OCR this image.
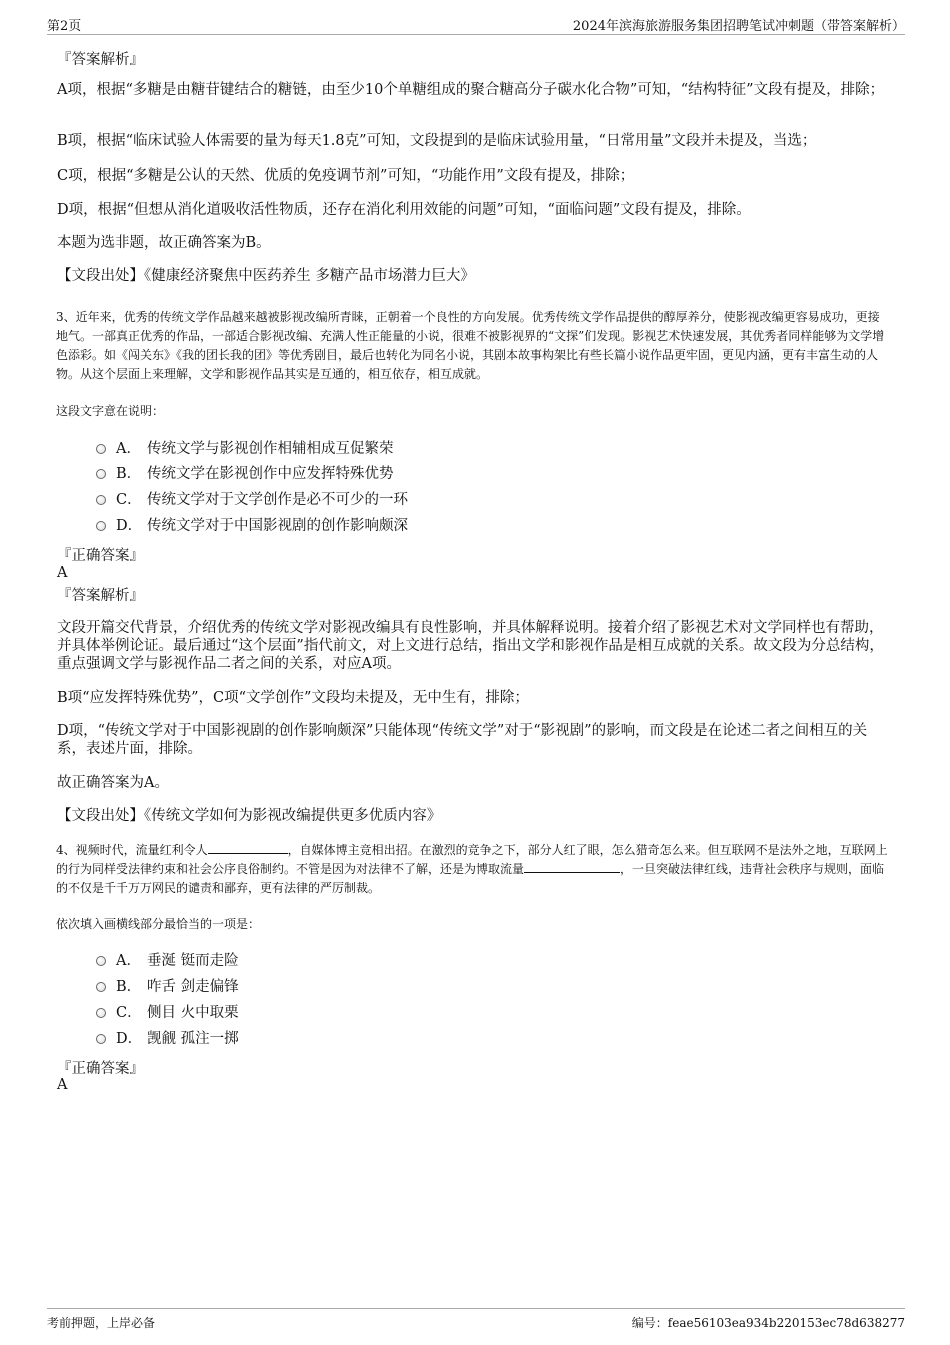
第2页	2024年滨海旅游服务集团招聘笔试冲刺题（带答案解析）
『答案解析』
A项，根据“多糖是由糖苷键结合的糖链，由至少10个单糖组成的聚合糖高分子碳水化合物”可知，“结构特征”文段有提及，排除；
B项，根据“临床试验人体需要的量为每天1.8克”可知，文段提到的是临床试验用量，“日常用量”文段并未提及，当选；
C项，根据“多糖是公认的天然、优质的免疫调节剂”可知，“功能作用”文段有提及，排除；
D项，根据“但想从消化道吸收活性物质，还存在消化利用效能的问题”可知，“面临问题”文段有提及，排除。
本题为选非题，故正确答案为B。
【文段出处】《健康经济聚焦中医药养生 多糖产品市场潜力巨大》
3、近年来，优秀的传统文学作品越来越被影视改编所青睐，正朝着一个良性的方向发展。优秀传统文学作品提供的醇厚养分，使影视改编更容易成功，更接地气。一部真正优秀的作品，一部适合影视改编、充满人性正能量的小说，很难不被影视界的“文探”们发现。影视艺术快速发展，其优秀者同样能够为文学增色添彩。如《闯关东》《我的团长我的团》等优秀剧目，最后也转化为同名小说，其剧本故事构架比有些长篇小说作品更牢固，更见内涵，更有丰富生动的人物。从这个层面上来理解，文学和影视作品其实是互通的，相互依存，相互成就。
这段文字意在说明：
A． 传统文学与影视创作相辅相成互促繁荣
B． 传统文学在影视创作中应发挥特殊优势
C． 传统文学对于文学创作是必不可少的一环
D． 传统文学对于中国影视剧的创作影响颇深
『正确答案』
A
『答案解析』
文段开篇交代背景，介绍优秀的传统文学对影视改编具有良性影响，并具体解释说明。接着介绍了影视艺术对文学同样也有帮助，并具体举例论证。最后通过“这个层面”指代前文，对上文进行总结，指出文学和影视作品是相互成就的关系。故文段为分总结构，重点强调文学与影视作品二者之间的关系，对应A项。
B项“应发挥特殊优势”，C项“文学创作”文段均未提及，无中生有，排除；
D项，“传统文学对于中国影视剧的创作影响颇深”只能体现“传统文学”对于“影视剧”的影响，而文段是在论述二者之间相互的关系，表述片面，排除。
故正确答案为A。
【文段出处】《传统文学如何为影视改编提供更多优质内容》
4、视频时代，流量红利令人	，自媒体博主竞相出招。在激烈的竞争之下，部分人红了眼，怎么猎奇怎么来。但互联网不是法外之地，互联网上的行为同样受法律约束和社会公序良俗制约。不管是因为对法律不了解，还是为博取流量	，一旦突破法律红线，违背社会秩序与规则，面临的不仅是千千万万网民的谴责和鄙弃，更有法律的严厉制裁。
依次填入画横线部分最恰当的一项是：
A． 垂涎 铤而走险
B． 咋舌 剑走偏锋
C． 侧目 火中取栗
D． 觊觎 孤注一掷
『正确答案』
A
考前押题，上岸必备	编号：feae56103ea934b220153ec78d638277
